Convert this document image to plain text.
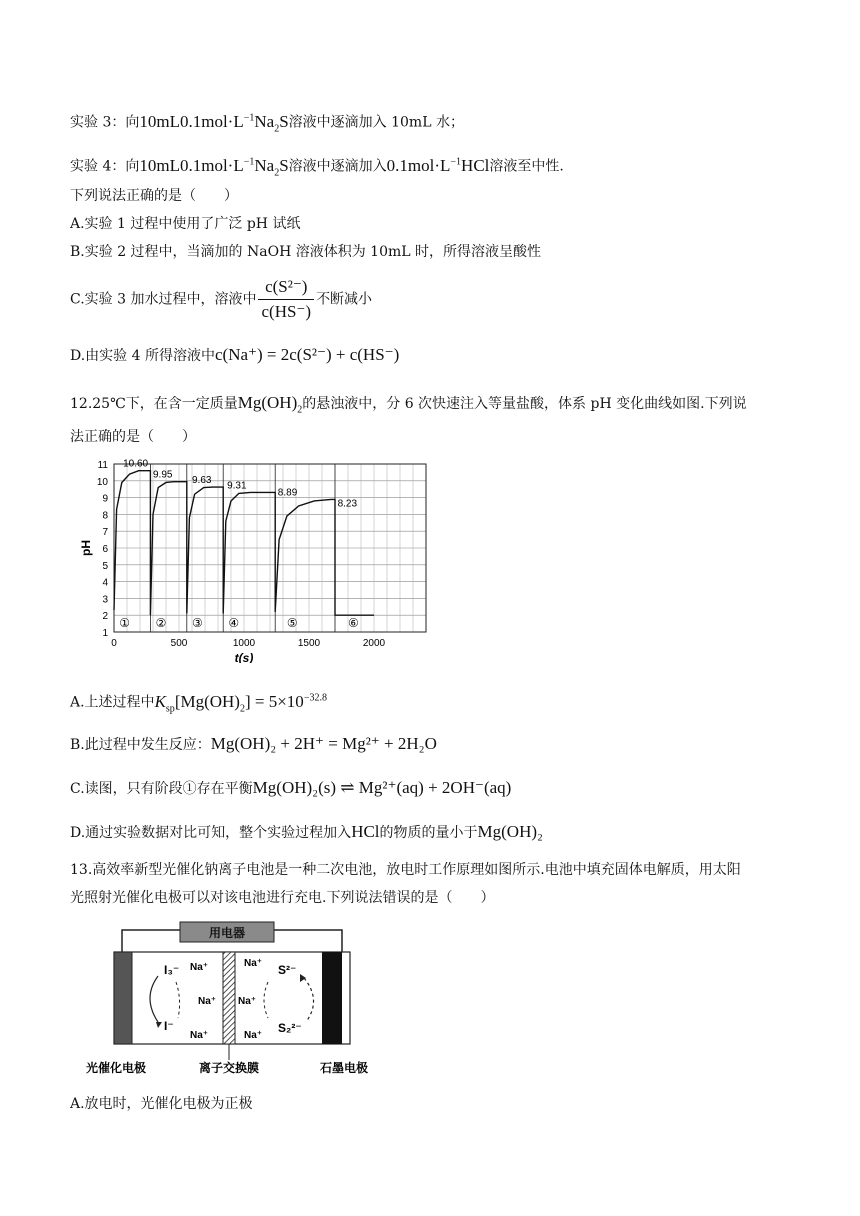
实验 3：向$10mL0.1mol\cdot L^{-1}Na_2S$溶液中逐滴加入 10mL 水；
实验 4：向$10mL0.1mol\cdot L^{-1}Na_2S$溶液中逐滴加入$0.1mol\cdot L^{-1}HCl$溶液至中性.
下列说法正确的是（　　）
A.实验 1 过程中使用了广泛 pH 试纸
B.实验 2 过程中，当滴加的 NaOH 溶液体积为 10mL 时，所得溶液呈酸性
C.实验 3 加水过程中，溶液中 $\frac{\text{c(S²⁻)}}{c(HS^-)}$ 不断减小
D.由实验 4 所得溶液中c(Na⁺) = 2c(S²⁻) + c(HS⁻)
12.25℃下，在含一定质量$Mg(OH)_2$的悬浊液中，分 6 次快速注入等量盐酸，体系 pH 变化曲线如图.下列说
法正确的是（　　）
1
2
3
4
5
6
7
8
9
10
11
0	500	1000	1500	2000
pH
t(s)
10.60
9.95 9.63 9.31
8.89
8.23
① ② ③ ④	⑤	⑥
A.上述过程中$K_{sp}[Mg(OH)_2] = 5\times 10^{-32.8}$
B.此过程中发生反应：Mg(OH)₂ + 2H⁺ = Mg²⁺ + 2H₂O
C.读图，只有阶段①存在平衡Mg(OH)₂(s) ⇌ Mg²⁺(aq) + 2OH⁻(aq)
D.通过实验数据对比可知，整个实验过程加入HCl的物质的量小于Mg(OH)₂
13.高效率新型光催化钠离子电池是一种二次电池，放电时工作原理如图所示.电池中填充固体电解质，用太阳
光照射光催化电极可以对该电池进行充电.下列说法错误的是（　　）
用电器
I₃⁻
I⁻
Na⁺
Na⁺
Na⁺
Na⁺
Na⁺
Na⁺
S²⁻
S₂²⁻
光催化电极	离子交换膜	石墨电极
A.放电时，光催化电极为正极
